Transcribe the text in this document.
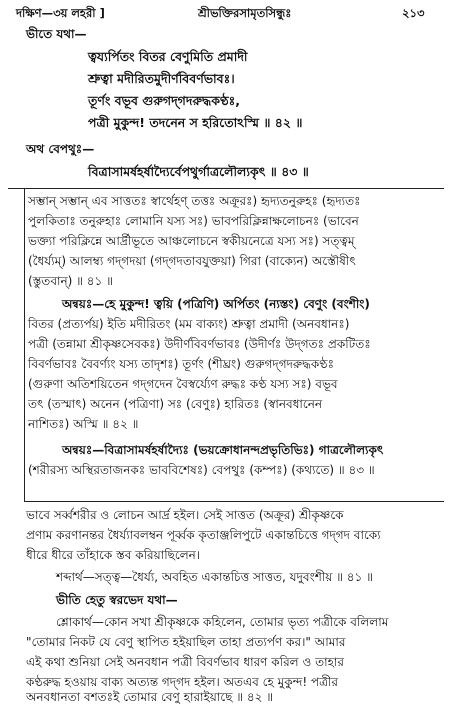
দক্ষিণ—৩য় লহরী ]	শ্রীভক্তিরসামৃতসিন্ধুঃ	২১৩
ভীতে যথা—
ত্বয্যর্পিতং বিতর বেণুমিতি প্রমাদী
শ্রুত্বা মদীরিতমুদীর্ণবিবর্ণভাবঃ।
তূর্ণং বভূব গুরুগদ্‌গদরুদ্ধকণ্ঠঃ,
পত্রী মুকুন্দ! তদনেন স হরিতোঽস্মি ॥ ৪২ ॥
অথ বেপথুঃ—
বিত্রাসামর্ষহর্ষাদ্যৈর্বেপথুর্গাত্রলৌল্যকৃৎ ॥ ৪৩ ॥
সম্ভান্ সম্ভান্ এব সাত্ততঃ স্বার্থেহণ্ তত্তঃ অক্রূরঃ) হৃদ্যতনুরুহঃ (হৃদ্যতঃ
পুলকিতাঃ তনুরুহাঃ লোমানি যস্য সঃ) ভাবপরিক্লিন্নাক্ষলোচনঃ (ভাবেন
ভক্ত্যা পরিক্লিন্নে আর্দ্রীভূতে আঞ্চলোচনে স্বকীয়নেত্রে যস্য সঃ) সত্ত্বম্
(ধৈর্য্যম্) আলম্ব্য গদ্‌গদয়া (গদ্‌গদতাবযুক্তয়া) গিরা (বাক্যেন) অস্তৌষীৎ
(স্তুতবান্) ॥ ৪১ ॥
অন্বয়ঃ—হে মুকুন্দ! ত্বয়ি (পত্রিণি) অর্পিতং (ন্যস্তং) বেণুং (বংশীং)
বিতর (প্রত্যর্পয়) ইতি মদীরিতং (মম বাক্যং) শ্রুত্বা প্রমাদী (অনবধানঃ)
পত্রী (তন্নামা শ্রীকৃষ্ণসেবকঃ) উদীর্ণবিবর্ণভাবঃ (উদীর্ণঃ উদ্‌গতঃ প্রকটিতঃ
বিবর্ণভাবঃ বৈবর্ণ্যং যস্য তাদৃশঃ) তূর্ণং (শীঘ্রং) গুরুগদ্‌গদরুদ্ধকণ্ঠঃ
(গুরুণা অতিশয়িতেন গদ্‌গদেন বৈস্বর্য্যেণ রুদ্ধঃ কণ্ঠ যস্য সঃ) বভূব
তৎ (তস্মাৎ) অনেন (পত্রিণা) সঃ (বেণুঃ) হারিতঃ (স্বানবধানেন
নাশিতঃ) অস্মি ॥ ৪২ ॥
অন্বয়ঃ—বিত্রাসামর্ষহর্ষাদ্যৈঃ (ভয়ক্রোধানন্দপ্রভৃতিভিঃ) গাত্রলৌল্যকৃৎ
(শরীরস্য অস্থিরতাজনকঃ ভাববিশেষঃ) বেপথুঃ (কম্পঃ) (কথ্যতে) ॥ ৪৩ ॥
ভাবে সর্ব্বশরীর ও লোচন আর্দ্র হইল। সেই সাত্তত (অক্রূর) শ্রীকৃষ্ণকে
প্রণাম করণানন্তর ধৈর্য্যাবলম্বন পূর্ব্বক কৃতাঞ্জলিপুটে একান্তচিত্তে গদ্‌গদ বাক্যে
ধীরে ধীরে তাঁহাকে স্তব করিয়াছিলেন।
শব্দার্থ—সত্ত্ব—ধৈর্য্য, অবহিত একান্তচিত্ত সাত্তত, যদুবংশীয় ॥ ৪১ ॥
ভীতি হেতু স্বরভেদ যথা—
শ্লোকার্থ—কোন সখা শ্রীকৃষ্ণকে কহিলেন, তোমার ভৃত্য পত্রীকে বলিলাম
"তোমার নিকট যে বেণু স্থাপিত হইয়াছিল তাহা প্রত্যর্পণ কর।" আমার
এই কথা শুনিয়া সেই অনবধান পত্রী বিবর্ণভাব ধারণ করিল ও তাহার
কণ্ঠরুদ্ধ হওয়ায় বাক্য অত্যন্ত গদ্‌গদ হইল। অতএব হে মুকুন্দ! পত্রীর
অনবধানতা বশতঃই তোমার বেণু হারাইয়াছে ॥ ৪২ ॥
